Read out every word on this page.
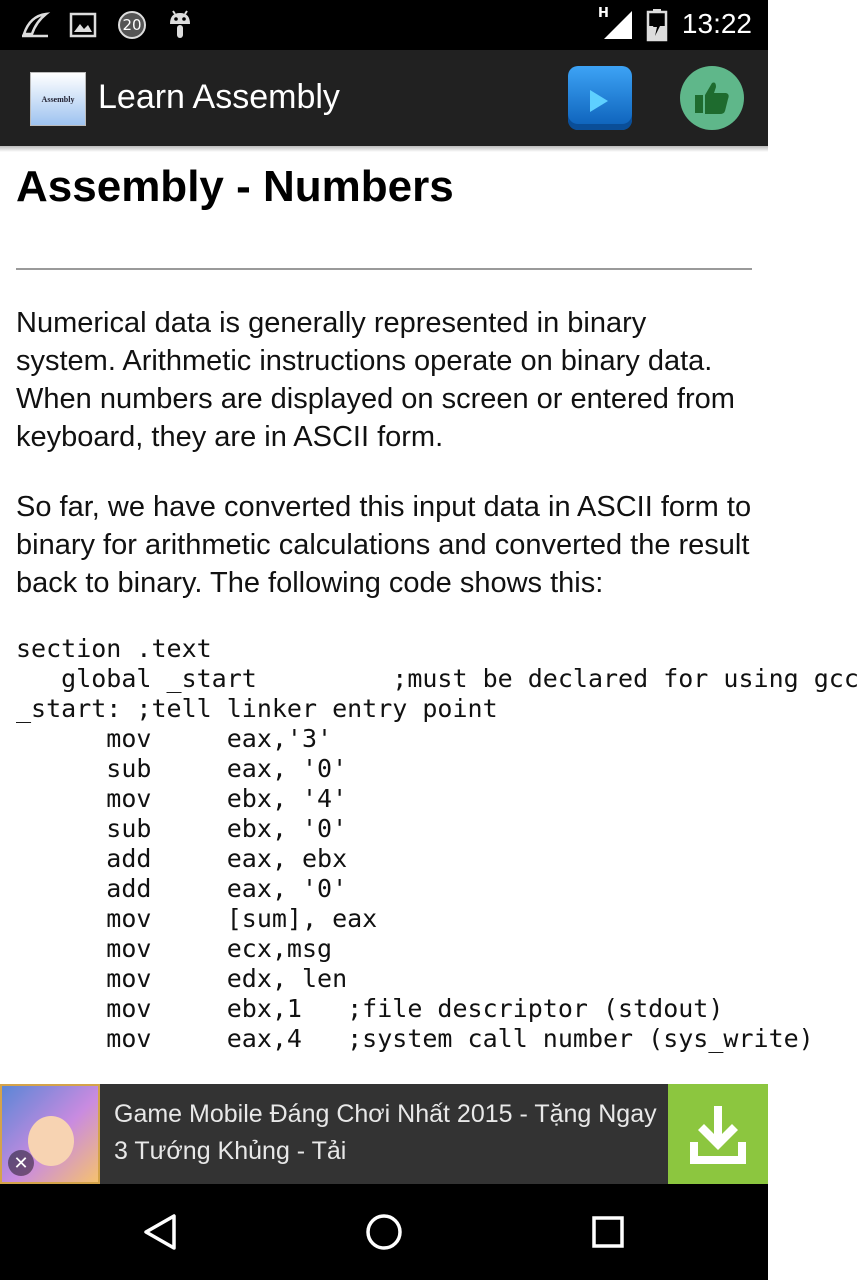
20
H	13:22
Assembly Learn Assembly
Assembly - Numbers

Numerical data is generally represented in binary system. Arithmetic instructions operate on binary data. When numbers are displayed on screen or entered from keyboard, they are in ASCII form.

So far, we have converted this input data in ASCII form to binary for arithmetic calculations and converted the result back to binary. The following code shows this:

section .text
global _start         ;must be declared for using gcc
_start: ;tell linker entry point
mov     eax,'3'
sub     eax, '0'
mov     ebx, '4'
sub     ebx, '0'
add     eax, ebx
add     eax, '0'
mov     [sum], eax
mov     ecx,msg
mov     edx, len
mov     ebx,1   ;file descriptor (stdout)
mov     eax,4   ;system call number (sys_write)
✕
Game Mobile Đáng Chơi Nhất 2015 - Tặng Ngay 3 Tướng Khủng - Tải
